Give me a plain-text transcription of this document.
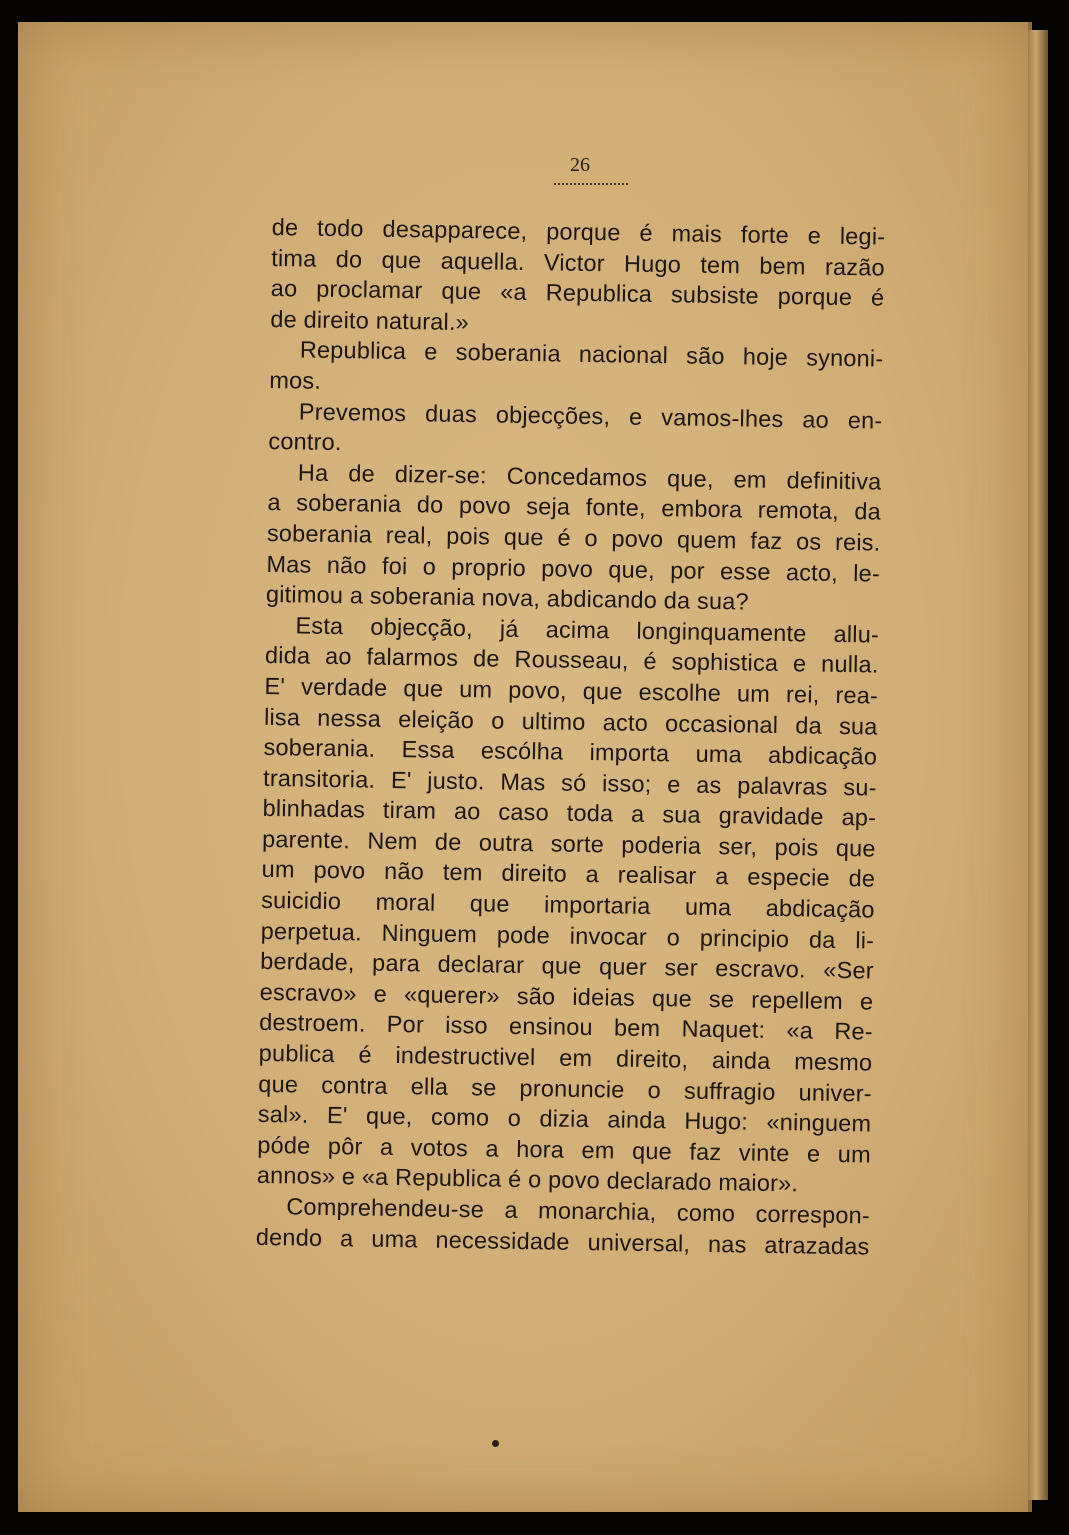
26
de todo desapparece, porque é mais forte e legi-
tima do que aquella. Victor Hugo tem bem razão
ao proclamar que «a Republica subsiste porque é
de direito natural.»
Republica e soberania nacional são hoje synoni-
mos.
Prevemos duas objecções, e vamos-lhes ao en-
contro.
Ha de dizer-se: Concedamos que, em definitiva
a soberania do povo seja fonte, embora remota, da
soberania real, pois que é o povo quem faz os reis.
Mas não foi o proprio povo que, por esse acto, le-
gitimou a soberania nova, abdicando da sua?
Esta objecção, já acima longinquamente allu-
dida ao falarmos de Rousseau, é sophistica e nulla.
E' verdade que um povo, que escolhe um rei, rea-
lisa nessa eleição o ultimo acto occasional da sua
soberania. Essa escólha importa uma abdicação
transitoria. E' justo. Mas só isso; e as palavras su-
blinhadas tiram ao caso toda a sua gravidade ap-
parente. Nem de outra sorte poderia ser, pois que
um povo não tem direito a realisar a especie de
suicidio moral que importaria uma abdicação
perpetua. Ninguem pode invocar o principio da li-
berdade, para declarar que quer ser escravo. «Ser
escravo» e «querer» são ideias que se repellem e
destroem. Por isso ensinou bem Naquet: «a Re-
publica é indestructivel em direito, ainda mesmo
que contra ella se pronuncie o suffragio univer-
sal». E' que, como o dizia ainda Hugo: «ninguem
póde pôr a votos a hora em que faz vinte e um
annos» e «a Republica é o povo declarado maior».
Comprehendeu-se a monarchia, como correspon-
dendo a uma necessidade universal, nas atrazadas
